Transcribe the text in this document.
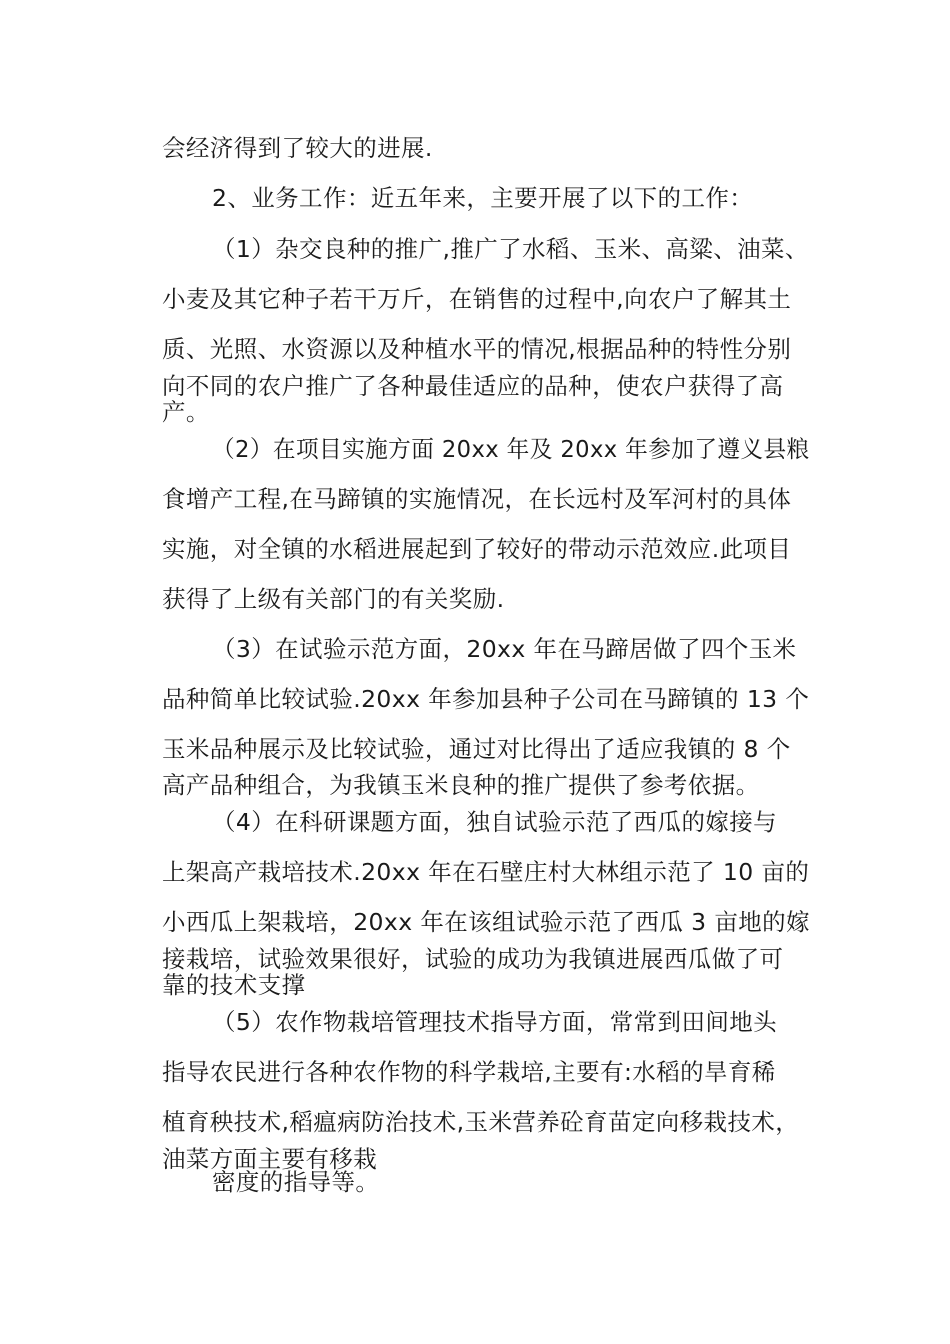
会经济得到了较大的进展.
2、业务工作：近五年来，主要开展了以下的工作：
（1）杂交良种的推广,推广了水稻、玉米、高粱、油菜、
小麦及其它种子若干万斤，在销售的过程中,向农户了解其土
质、光照、水资源以及种植水平的情况,根据品种的特性分别
向不同的农户推广了各种最佳适应的品种，使农户获得了高
产。
（2）在项目实施方面 20xx 年及 20xx 年参加了遵义县粮
食增产工程,在马蹄镇的实施情况，在长远村及军河村的具体
实施，对全镇的水稻进展起到了较好的带动示范效应.此项目
获得了上级有关部门的有关奖励.
（3）在试验示范方面，20xx 年在马蹄居做了四个玉米
品种简单比较试验.20xx 年参加县种子公司在马蹄镇的 13 个
玉米品种展示及比较试验，通过对比得出了适应我镇的 8 个
高产品种组合，为我镇玉米良种的推广提供了参考依据。
（4）在科研课题方面，独自试验示范了西瓜的嫁接与
上架高产栽培技术.20xx 年在石壁庄村大林组示范了 10 亩的
小西瓜上架栽培，20xx 年在该组试验示范了西瓜 3 亩地的嫁
接栽培，试验效果很好，试验的成功为我镇进展西瓜做了可
靠的技术支撑
（5）农作物栽培管理技术指导方面，常常到田间地头
指导农民进行各种农作物的科学栽培,主要有:水稻的旱育稀
植育秧技术,稻瘟病防治技术,玉米营养砼育苗定向移栽技术，
油菜方面主要有移栽
密度的指导等。
